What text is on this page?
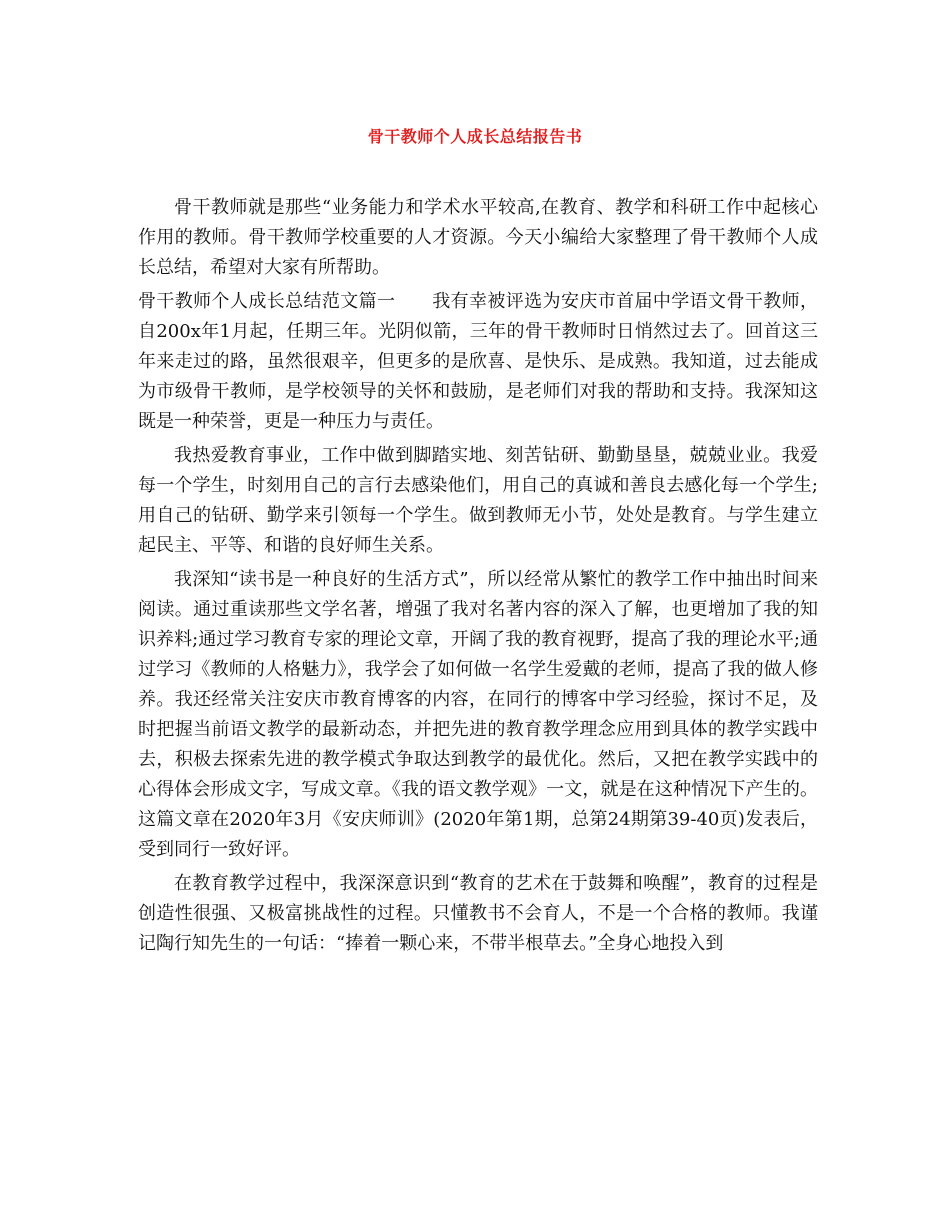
骨干教师个人成长总结报告书

骨干教师就是那些“业务能力和学术水平较高,在教育、教学和科研工作中起核心作用的教师。骨干教师学校重要的人才资源。今天小编给大家整理了骨干教师个人成长总结，希望对大家有所帮助。

骨干教师个人成长总结范文篇一　　我有幸被评选为安庆市首届中学语文骨干教师，自200x年1月起，任期三年。光阴似箭，三年的骨干教师时日悄然过去了。回首这三年来走过的路，虽然很艰辛，但更多的是欣喜、是快乐、是成熟。我知道，过去能成为市级骨干教师，是学校领导的关怀和鼓励，是老师们对我的帮助和支持。我深知这既是一种荣誉，更是一种压力与责任。

我热爱教育事业，工作中做到脚踏实地、刻苦钻研、勤勤垦垦，兢兢业业。我爱每一个学生，时刻用自己的言行去感染他们，用自己的真诚和善良去感化每一个学生;用自己的钻研、勤学来引领每一个学生。做到教师无小节，处处是教育。与学生建立起民主、平等、和谐的良好师生关系。

我深知“读书是一种良好的生活方式”，所以经常从繁忙的教学工作中抽出时间来阅读。通过重读那些文学名著，增强了我对名著内容的深入了解，也更增加了我的知识养料;通过学习教育专家的理论文章，开阔了我的教育视野，提高了我的理论水平;通过学习《教师的人格魅力》，我学会了如何做一名学生爱戴的老师，提高了我的做人修养。我还经常关注安庆市教育博客的内容，在同行的博客中学习经验，探讨不足，及时把握当前语文教学的最新动态，并把先进的教育教学理念应用到具体的教学实践中去，积极去探索先进的教学模式争取达到教学的最优化。然后，又把在教学实践中的心得体会形成文字，写成文章。《我的语文教学观》一文，就是在这种情况下产生的。这篇文章在2020年3月《安庆师训》(2020年第1期，总第24期第39-40页)发表后，受到同行一致好评。

在教育教学过程中，我深深意识到“教育的艺术在于鼓舞和唤醒”，教育的过程是创造性很强、又极富挑战性的过程。只懂教书不会育人，不是一个合格的教师。我谨记陶行知先生的一句话：“捧着一颗心来，不带半根草去。”全身心地投入到
